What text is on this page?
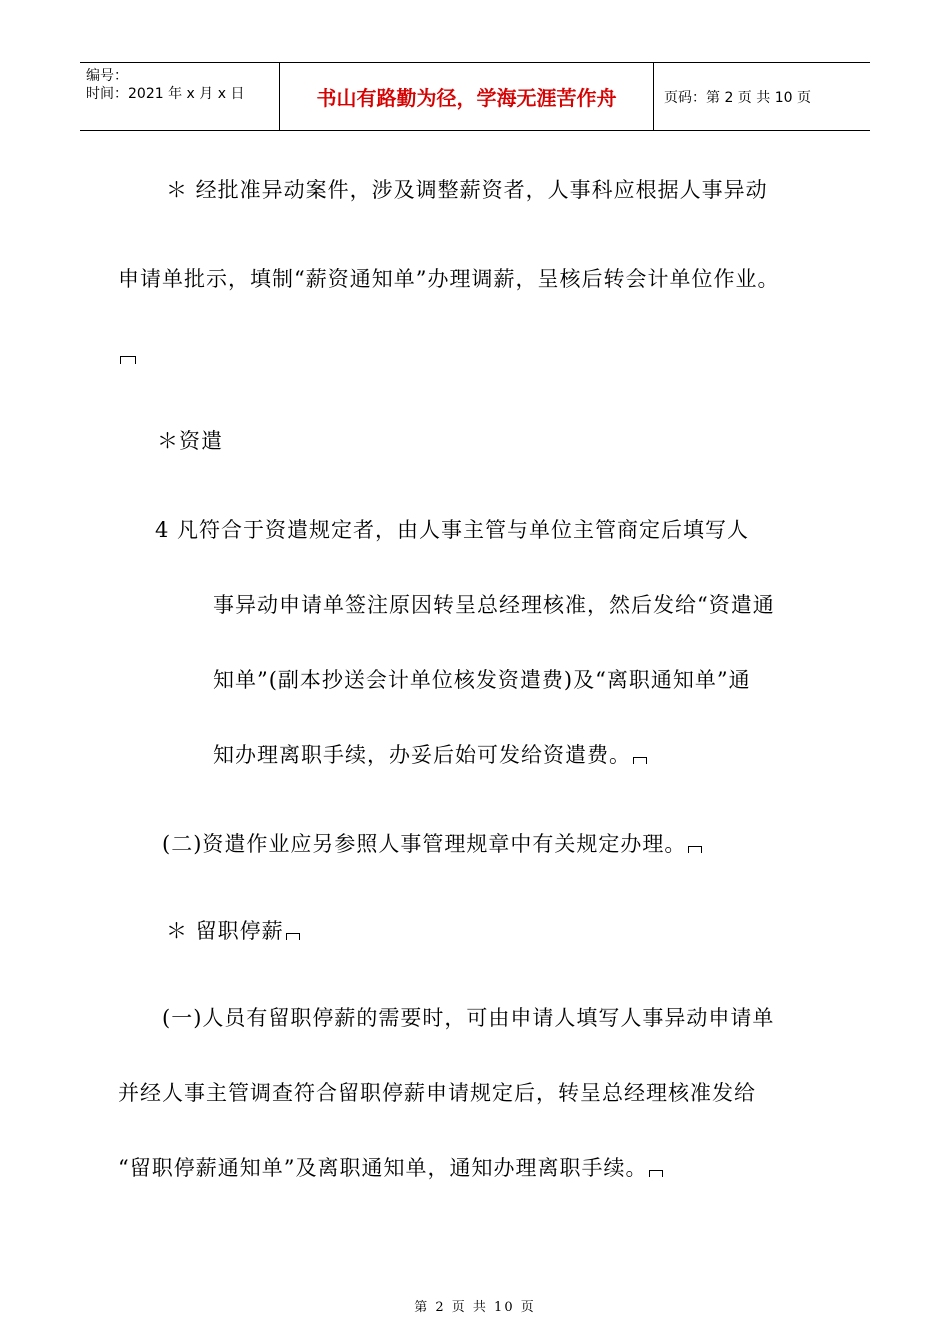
编号：
时间：2021 年 x 月 x 日	书山有路勤为径，学海无涯苦作舟	页码：第 2 页 共 10 页
＊ 经批准异动案件，涉及调整薪资者，人事科应根据人事异动
申请单批示，填制“薪资通知单”办理调薪，呈核后转会计单位作业。
＊资遣
4 凡符合于资遣规定者，由人事主管与单位主管商定后填写人
事异动申请单签注原因转呈总经理核准，然后发给“资遣通
知单”(副本抄送会计单位核发资遣费)及“离职通知单”通
知办理离职手续，办妥后始可发给资遣费。
(二)资遣作业应另参照人事管理规章中有关规定办理。
＊ 留职停薪
(一)人员有留职停薪的需要时，可由申请人填写人事异动申请单
并经人事主管调查符合留职停薪申请规定后，转呈总经理核准发给
“留职停薪通知单”及离职通知单，通知办理离职手续。
第 2 页 共 10 页
